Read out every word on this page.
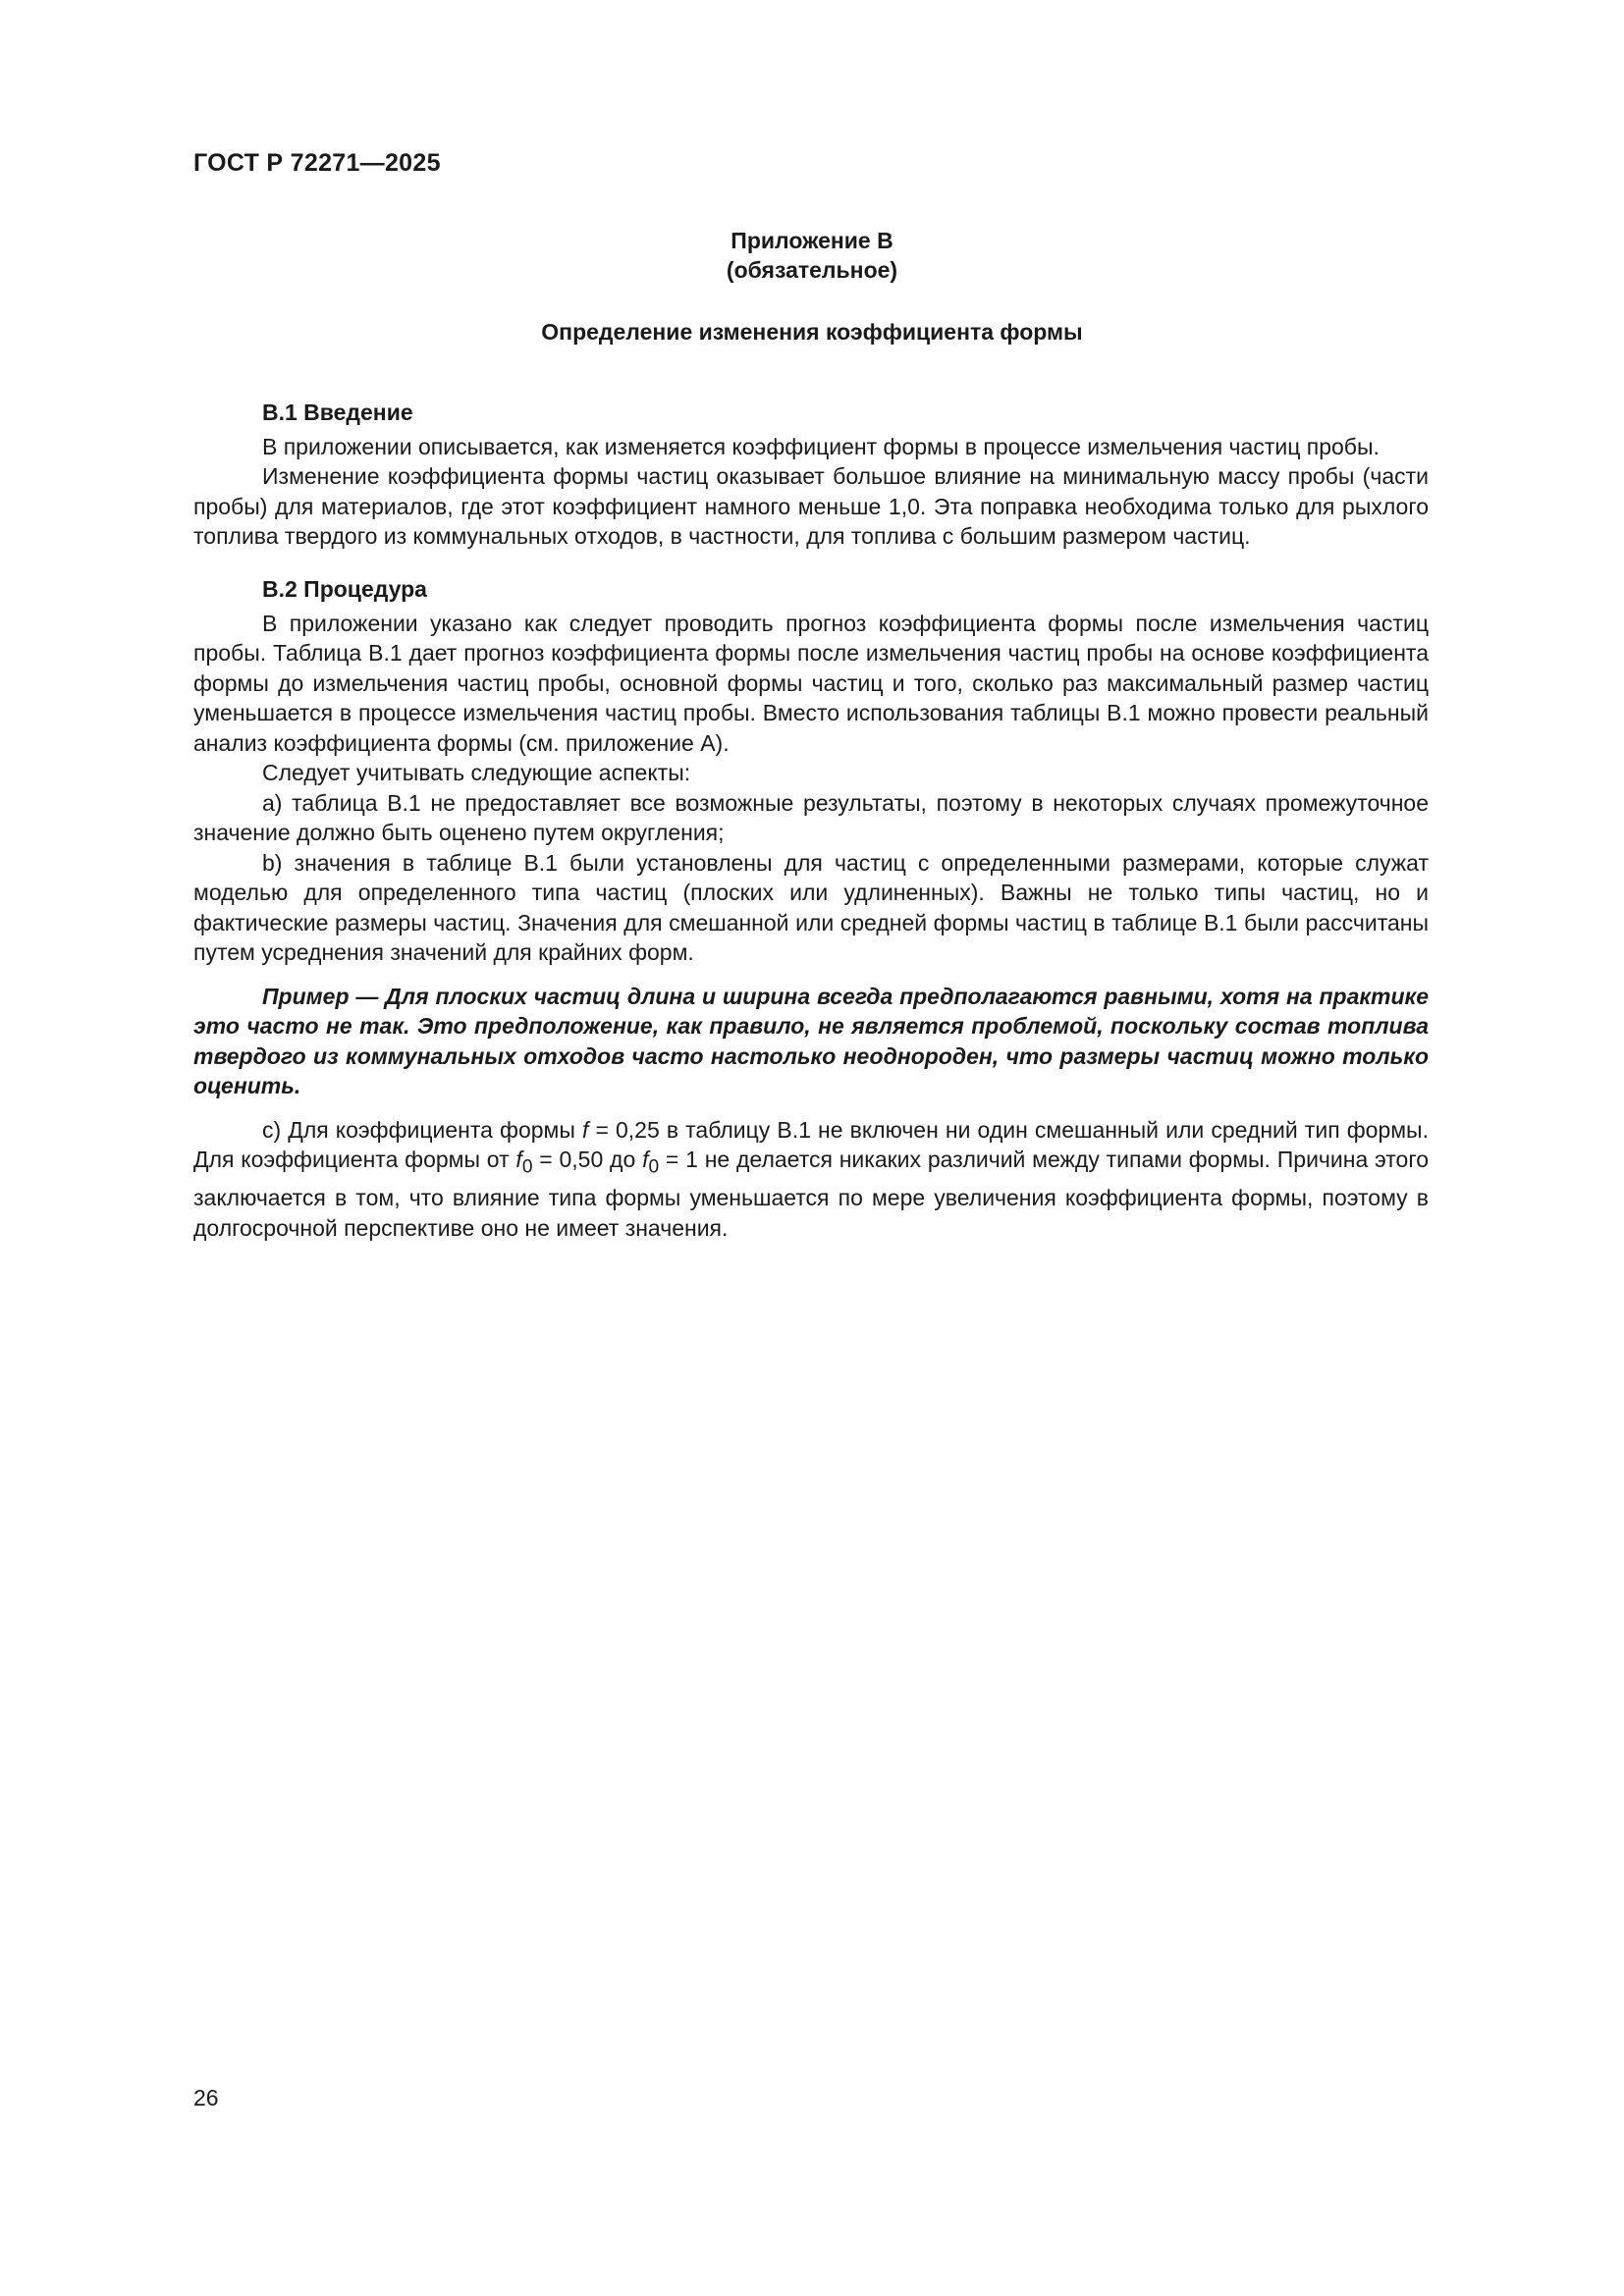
ГОСТ Р 72271—2025
Приложение В
(обязательное)
Определение изменения коэффициента формы

В.1 Введение

В приложении описывается, как изменяется коэффициент формы в процессе измельчения частиц пробы.

Изменение коэффициента формы частиц оказывает большое влияние на минимальную массу пробы (части пробы) для материалов, где этот коэффициент намного меньше 1,0. Эта поправка необходима только для рыхлого топлива твердого из коммунальных отходов, в частности, для топлива с большим размером частиц.

В.2 Процедура

В приложении указано как следует проводить прогноз коэффициента формы после измельчения частиц пробы. Таблица В.1 дает прогноз коэффициента формы после измельчения частиц пробы на основе коэффициента формы до измельчения частиц пробы, основной формы частиц и того, сколько раз максимальный размер частиц уменьшается в процессе измельчения частиц пробы. Вместо использования таблицы В.1 можно провести реальный анализ коэффициента формы (см. приложение А).

Следует учитывать следующие аспекты:

а) таблица В.1 не предоставляет все возможные результаты, поэтому в некоторых случаях промежуточное значение должно быть оценено путем округления;

b) значения в таблице В.1 были установлены для частиц с определенными размерами, которые служат моделью для определенного типа частиц (плоских или удлиненных). Важны не только типы частиц, но и фактические размеры частиц. Значения для смешанной или средней формы частиц в таблице В.1 были рассчитаны путем усреднения значений для крайних форм.

Пример — Для плоских частиц длина и ширина всегда предполагаются равными, хотя на практике это часто не так. Это предположение, как правило, не является проблемой, поскольку состав топлива твердого из коммунальных отходов часто настолько неоднороден, что размеры частиц можно только оценить.

с) Для коэффициента формы f = 0,25 в таблицу В.1 не включен ни один смешанный или средний тип формы. Для коэффициента формы от $f_0 = 0,50$ до $f_0 = 1$ не делается никаких различий между типами формы. Причина этого заключается в том, что влияние типа формы уменьшается по мере увеличения коэффициента формы, поэтому в долгосрочной перспективе оно не имеет значения.

26
